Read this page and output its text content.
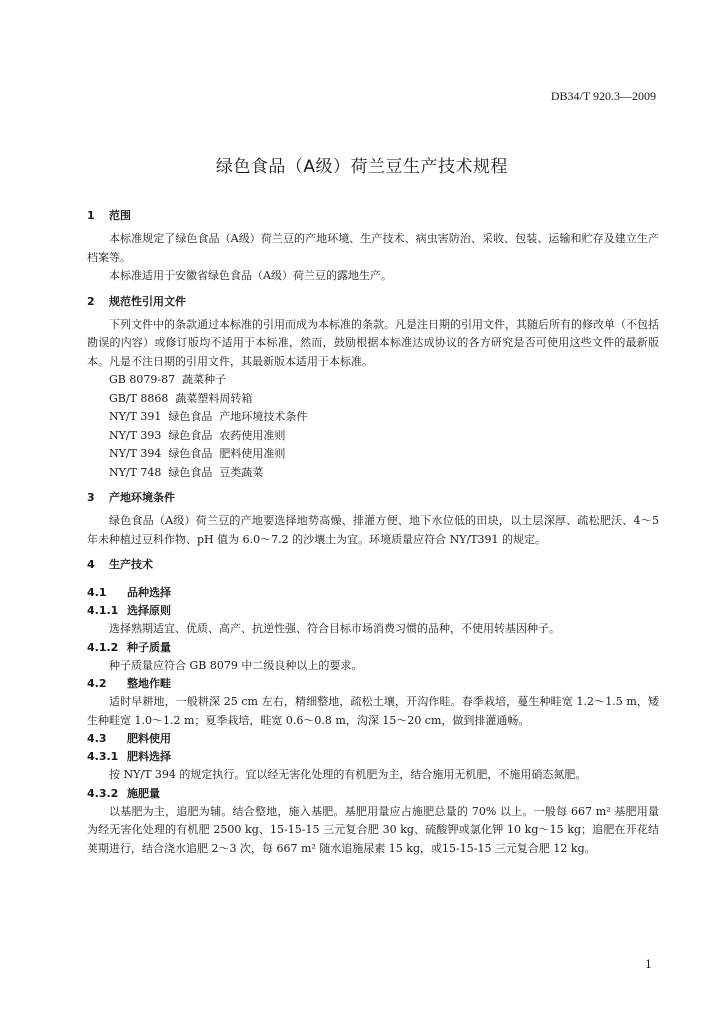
DB34/T 920.3—2009
绿色食品（A级）荷兰豆生产技术规程
1 范围

本标准规定了绿色食品（A级）荷兰豆的产地环境、生产技术、病虫害防治、采收、包装、运输和贮存及建立生产档案等。

本标准适用于安徽省绿色食品（A级）荷兰豆的露地生产。

2 规范性引用文件

下列文件中的条款通过本标准的引用而成为本标准的条款。凡是注日期的引用文件，其随后所有的修改单（不包括勘误的内容）或修订版均不适用于本标准，然而，鼓励根据本标准达成协议的各方研究是否可使用这些文件的最新版本。凡是不注日期的引用文件，其最新版本适用于本标准。

GB 8079-87  蔬菜种子
GB/T 8868  蔬菜塑料周转箱
NY/T 391  绿色食品  产地环境技术条件
NY/T 393  绿色食品  农药使用准则
NY/T 394  绿色食品  肥料使用准则
NY/T 748  绿色食品  豆类蔬菜
3 产地环境条件

绿色食品（A级）荷兰豆的产地要选择地势高燥、排灌方便、地下水位低的田块，以土层深厚、疏松肥沃、4～5 年未种植过豆科作物、pH 值为 6.0～7.2 的沙壤土为宜。环境质量应符合 NY/T391 的规定。

4 生产技术
4.1 品种选择
4.1.1 选择原则

选择熟期适宜、优质、高产、抗逆性强、符合目标市场消费习惯的品种，不使用转基因种子。

4.1.2 种子质量

种子质量应符合 GB 8079 中二级良种以上的要求。

4.2 整地作畦

适时早耕地，一般耕深 25 cm 左右，精细整地，疏松土壤，开沟作畦。春季栽培，蔓生种畦宽 1.2～1.5 m，矮生种畦宽 1.0～1.2 m；夏季栽培，畦宽 0.6～0.8 m，沟深 15～20 cm，做到排灌通畅。

4.3 肥料使用
4.3.1 肥料选择

按 NY/T 394 的规定执行。宜以经无害化处理的有机肥为主，结合施用无机肥，不施用硝态氮肥。

4.3.2 施肥量

以基肥为主，追肥为辅。结合整地，施入基肥。基肥用量应占施肥总量的 70% 以上。一般每 667 m² 基肥用量为经无害化处理的有机肥 2500 kg、15-15-15 三元复合肥 30 kg、硫酸钾或氯化钾 10 kg～15 kg；追肥在开花结荚期进行，结合浇水追肥 2～3 次，每 667 m² 随水追施尿素 15 kg，或15-15-15 三元复合肥 12 kg。

1
